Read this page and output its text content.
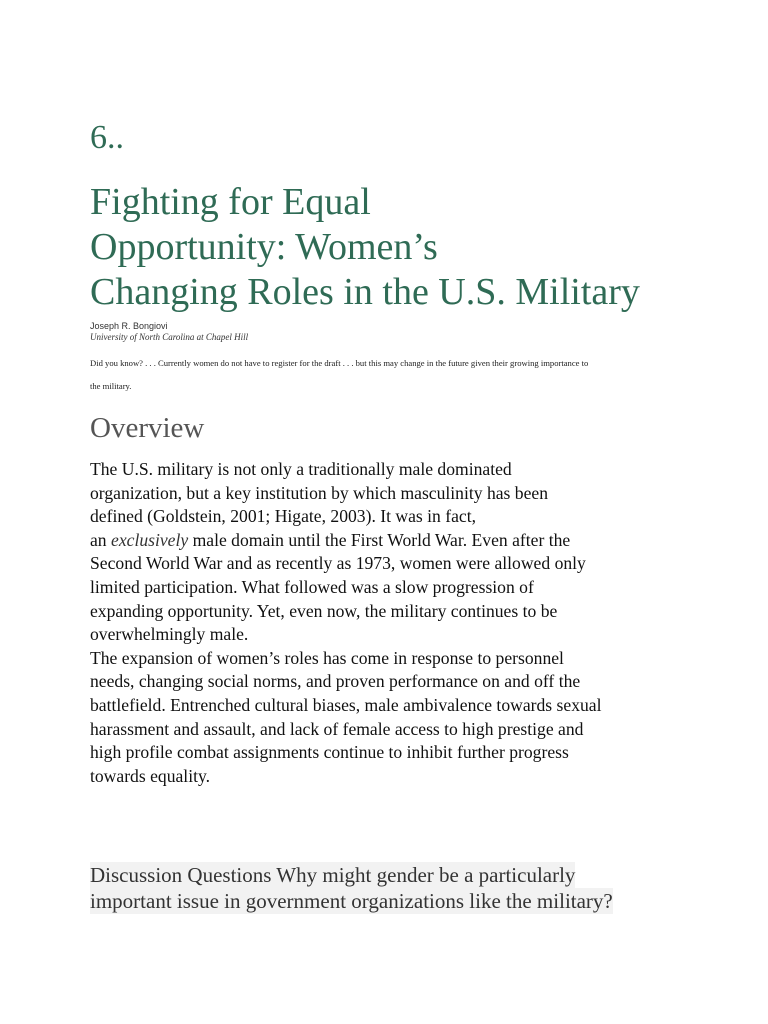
6..
Fighting for Equal
Opportunity: Women’s
Changing Roles in the U.S. Military
Joseph R. Bongiovi
University of North Carolina at Chapel Hill
Did you know? . . . Currently women do not have to register for the draft . . . but this may change in the future given their growing importance to
the military.
Overview
The U.S. military is not only a traditionally male dominated
organization, but a key institution by which masculinity has been
defined (Goldstein, 2001; Higate, 2003). It was in fact,
an exclusively male domain until the First World War. Even after the
Second World War and as recently as 1973, women were allowed only
limited participation. What followed was a slow progression of
expanding opportunity. Yet, even now, the military continues to be
overwhelmingly male.
The expansion of women’s roles has come in response to personnel
needs, changing social norms, and proven performance on and off the
battlefield. Entrenched cultural biases, male ambivalence towards sexual
harassment and assault, and lack of female access to high prestige and
high profile combat assignments continue to inhibit further progress
towards equality.
Discussion Questions Why might gender be a particularly
important issue in government organizations like the military?
